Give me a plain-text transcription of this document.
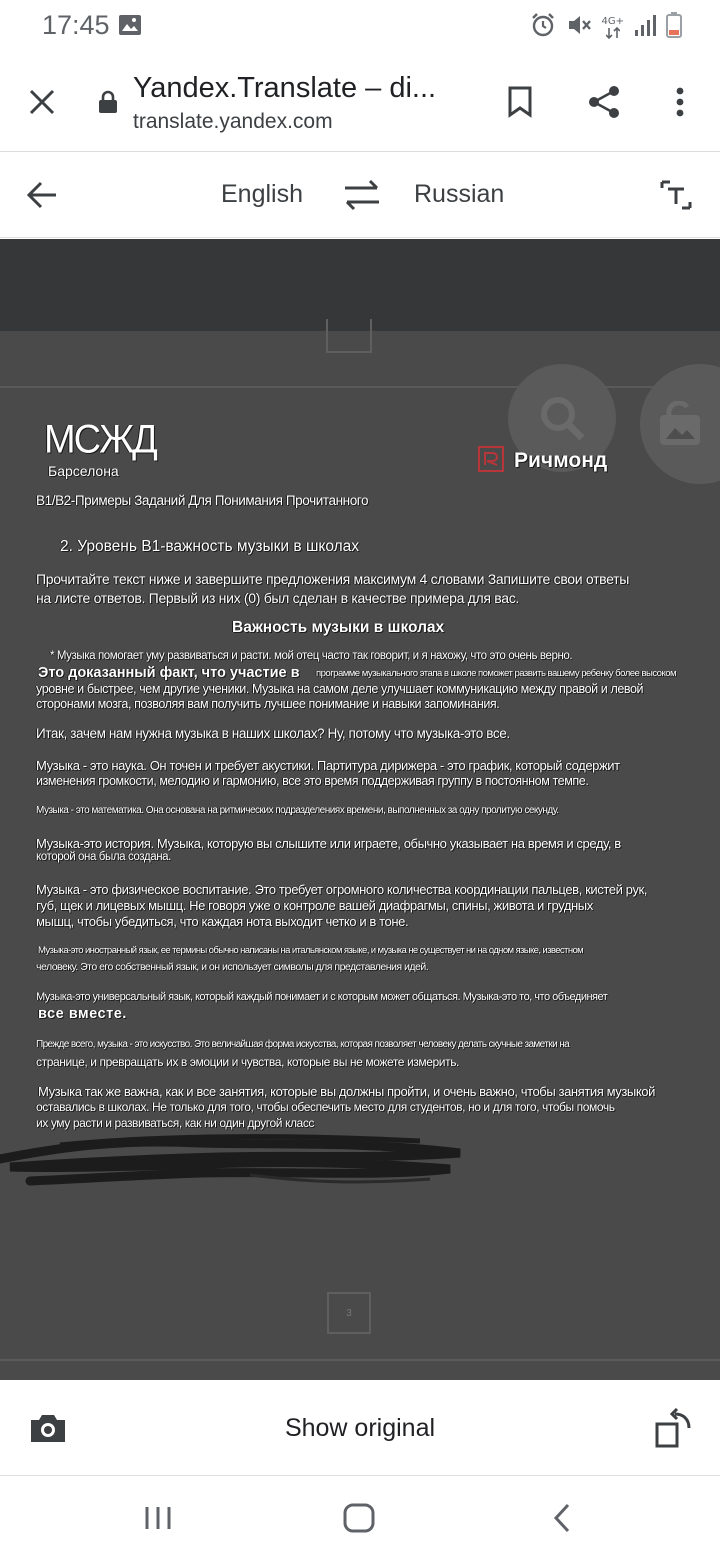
17:45	4G+
Yandex.Translate – di...
translate.yandex.com
English	Russian
МСЖД
Барселона	Ричмонд
B1/B2-Примеры Заданий Для Понимания Прочитанного
2. Уровень B1-важность музыки в школах
Прочитайте текст ниже и завершите предложения максимум 4 словами Запишите свои ответы
на листе ответов. Первый из них (0) был сделан в качестве примера для вас.
Важность музыки в школах
* Музыка помогает уму развиваться и расти. мой отец часто так говорит, и я нахожу, что это очень верно.
Это доказанный факт, что участие в программе музыкального этапа в школе поможет развить вашему ребенку более высоком
уровне и быстрее, чем другие ученики. Музыка на самом деле улучшает коммуникацию между правой и левой
сторонами мозга, позволяя вам получить лучшее понимание и навыки запоминания.
Итак, зачем нам нужна музыка в наших школах? Ну, потому что музыка-это все.
Музыка - это наука. Он точен и требует акустики. Партитура дирижера - это график, который содержит
изменения громкости, мелодию и гармонию, все это время поддерживая группу в постоянном темпе.
Музыка - это математика. Она основана на ритмических подразделениях времени, выполненных за одну пролитую секунду.
Музыка-это история. Музыка, которую вы слышите или играете, обычно указывает на время и среду, в
которой она была создана.
Музыка - это физическое воспитание. Это требует огромного количества координации пальцев, кистей рук,
губ, щек и лицевых мышц. Не говоря уже о контроле вашей диафрагмы, спины, живота и грудных
мышц, чтобы убедиться, что каждая нота выходит четко и в тоне.
Музыка-это иностранный язык, ее термины обычно написаны на итальянском языке, и музыка не существует ни на одном языке, известном
человеку. Это его собственный язык, и он использует символы для представления идей.
Музыка-это универсальный язык, который каждый понимает и с которым может общаться. Музыка-это то, что объединяет
все вместе.
Прежде всего, музыка - это искусство. Это величайшая форма искусства, которая позволяет человеку делать скучные заметки на
странице, и превращать их в эмоции и чувства, которые вы не можете измерить.
Музыка так же важна, как и все занятия, которые вы должны пройти, и очень важно, чтобы занятия музыкой
оставались в школах. Не только для того, чтобы обеспечить место для студентов, но и для того, чтобы помочь
их уму расти и развиваться, как ни один другой класс
3
Show original
